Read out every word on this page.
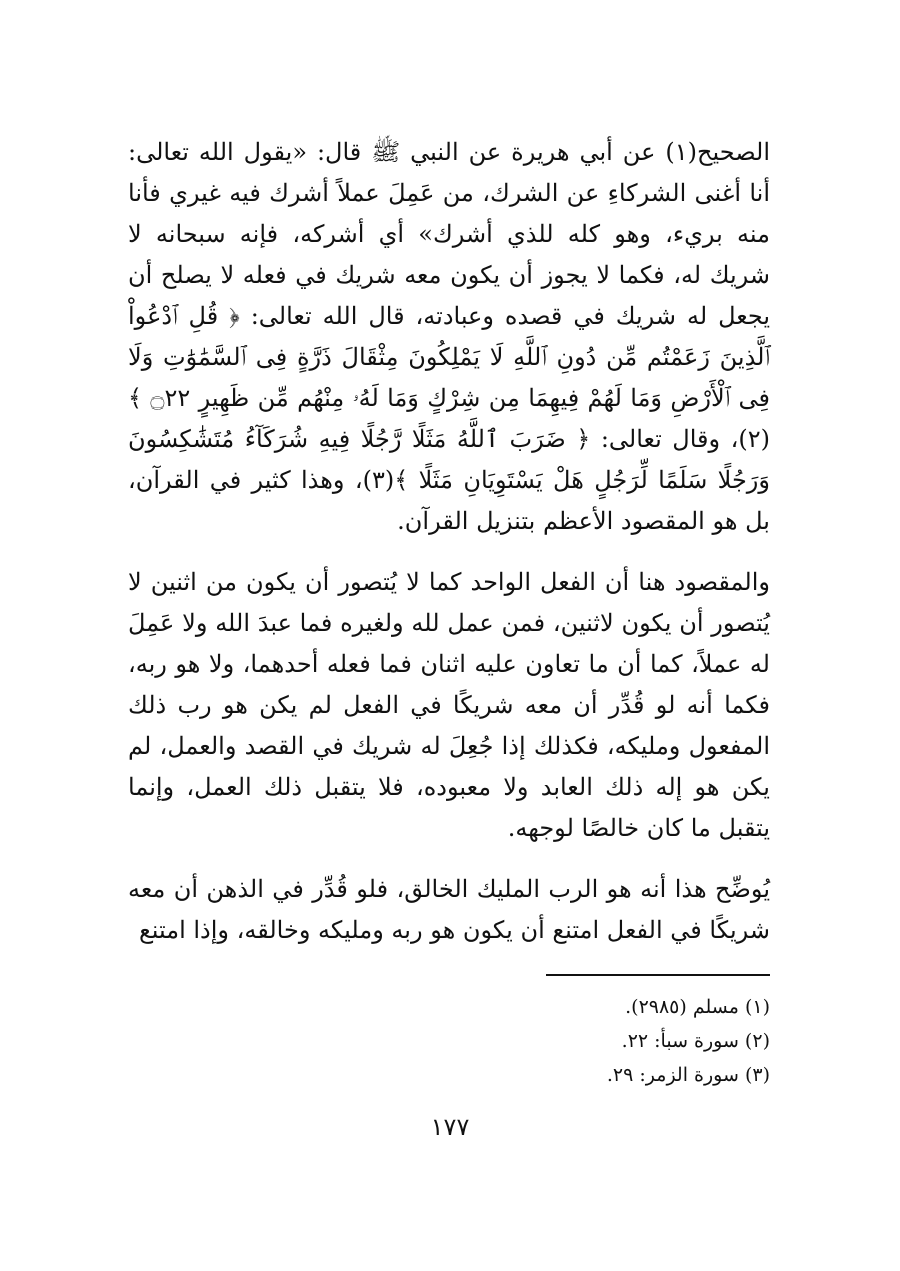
الصحيح(١) عن أبي هريرة عن النبي ﷺ قال: «يقول الله تعالى: أنا أغنى الشركاءِ عن الشرك، من عَمِلَ عملاً أشرك فيه غيري فأنا منه بريء، وهو كله للذي أشرك» أي أشركه، فإنه سبحانه لا شريك له، فكما لا يجوز أن يكون معه شريك في فعله لا يصلح أن يجعل له شريك في قصده وعبادته، قال الله تعالى: ﴿ قُلِ ٱدْعُواْ ٱلَّذِينَ زَعَمْتُم مِّن دُونِ ٱللَّهِ لَا يَمْلِكُونَ مِثْقَالَ ذَرَّةٍ فِى ٱلسَّمَٰوَٰتِ وَلَا فِى ٱلْأَرْضِ وَمَا لَهُمْ فِيهِمَا مِن شِرْكٍ وَمَا لَهُۥ مِنْهُم مِّن ظَهِيرٍ ۝٢٢ ﴾(٢)، وقال تعالى: ﴿ ضَرَبَ ٱللَّهُ مَثَلًا رَّجُلًا فِيهِ شُرَكَآءُ مُتَشَٰكِسُونَ وَرَجُلًا سَلَمًا لِّرَجُلٍ هَلْ يَسْتَوِيَانِ مَثَلًا ﴾(٣)، وهذا كثير في القرآن، بل هو المقصود الأعظم بتنزيل القرآن.

والمقصود هنا أن الفعل الواحد كما لا يُتصور أن يكون من اثنين لا يُتصور أن يكون لاثنين، فمن عمل لله ولغيره فما عبدَ الله ولا عَمِلَ له عملاً، كما أن ما تعاون عليه اثنان فما فعله أحدهما، ولا هو ربه، فكما أنه لو قُدِّر أن معه شريكًا في الفعل لم يكن هو رب ذلك المفعول ومليكه، فكذلك إذا جُعِلَ له شريك في القصد والعمل، لم يكن هو إله ذلك العابد ولا معبوده، فلا يتقبل ذلك العمل، وإنما يتقبل ما كان خالصًا لوجهه.

يُوضِّح هذا أنه هو الرب المليك الخالق، فلو قُدِّر في الذهن أن معه شريكًا في الفعل امتنع أن يكون هو ربه ومليكه وخالقه، وإذا امتنع

(١) مسلم (٢٩٨٥).

(٢) سورة سبأ: ٢٢.

(٣) سورة الزمر: ٢٩.

١٧٧
